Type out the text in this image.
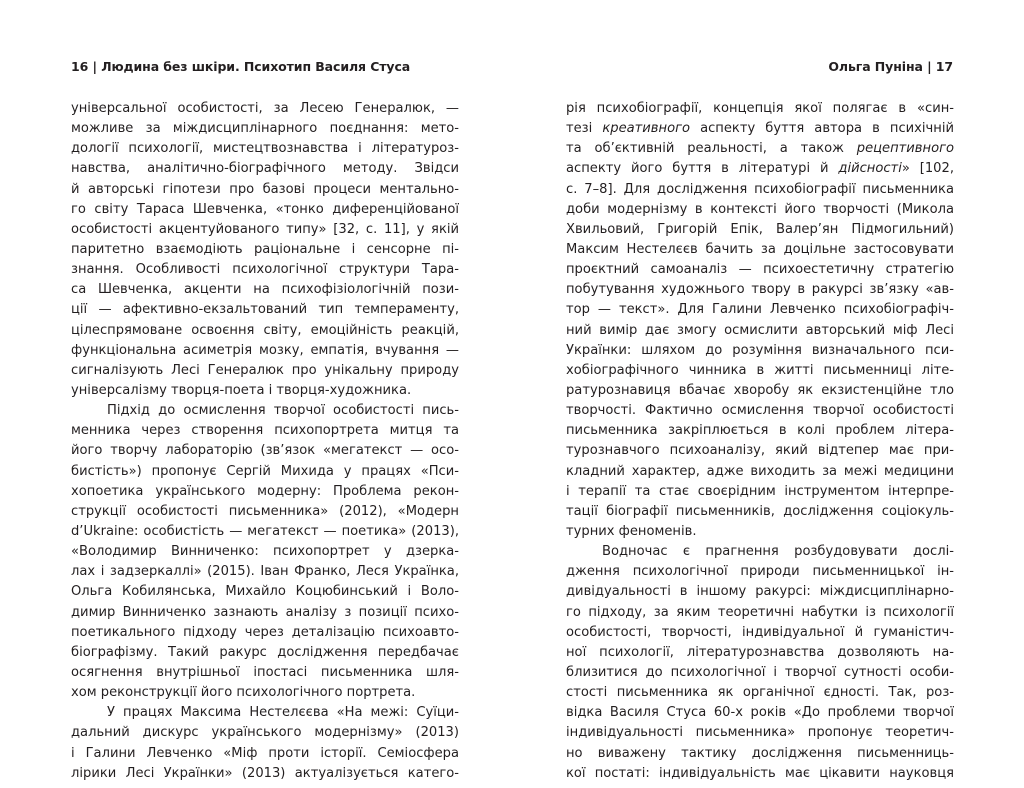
16 | Людина без шкіри. Психотип Василя Стуса	Ольга Пуніна | 17
універсальної особистості, за Лесею Генералюк, —
можливе за міждисциплінарного поєднання: мето-
дології психології, мистецтвознавства і літературоз-
навства, аналітично-біографічного методу. Звідси
й авторські гіпотези про базові процеси ментально-
го світу Тараса Шевченка, «тонко диференційованої
особистості акцентуйованого типу» [32, с. 11], у якій
паритетно взаємодіють раціональне і сенсорне пі-
знання. Особливості психологічної структури Тара-
са Шевченка, акценти на психофізіологічній пози-
ції — афективно-екзальтований тип темпераменту,
цілеспрямоване освоєння світу, емоційність реакцій,
функціональна асиметрія мозку, емпатія, вчування —
сигналізують Лесі Генералюк про унікальну природу
універсалізму творця-поета і творця-художника.
Підхід до осмислення творчої особистості пись-
менника через створення психопортрета митця та
його творчу лабораторію (зв’язок «мегатекст — осо-
бистість») пропонує Сергій Михида у працях «Пси-
хопоетика українського модерну: Проблема рекон-
струкції особистості письменника» (2012), «Модерн
d’Ukraine: особистість — мегатекст — поетика» (2013),
«Володимир Винниченко: психопортрет у дзерка-
лах і задзеркаллі» (2015). Іван Франко, Леся Українка,
Ольга Кобилянська, Михайло Коцюбинський і Воло-
димир Винниченко зазнають аналізу з позиції психо-
поетикального підходу через деталізацію психоавто-
біографізму. Такий ракурс дослідження передбачає
осягнення внутрішньої іпостасі письменника шля-
хом реконструкції його психологічного портрета.
У працях Максима Нестелєєва «На межі: Суїци-
дальний дискурс українського модернізму» (2013)
і Галини Левченко «Міф проти історії. Семіосфера
лірики Лесі Українки» (2013) актуалізується катего-
рія психобіографії, концепція якої полягає в «син-
тезі креативного аспекту буття автора в психічній
та об’єктивній реальності, а також рецептивного
аспекту його буття в літературі й дійсності» [102,
с. 7–8]. Для дослідження психобіографії письменника
доби модернізму в контексті його творчості (Микола
Хвильовий, Григорій Епік, Валер’ян Підмогильний)
Максим Нестелєєв бачить за доцільне застосовувати
проєктний самоаналіз — психоестетичну стратегію
побутування художнього твору в ракурсі зв’язку «ав-
тор — текст». Для Галини Левченко психобіографіч-
ний вимір дає змогу осмислити авторський міф Лесі
Українки: шляхом до розуміння визначального пси-
хобіографічного чинника в житті письменниці літе-
ратурознавиця вбачає хворобу як екзистенційне тло
творчості. Фактично осмислення творчої особистості
письменника закріплюється в колі проблем літера-
турознавчого психоаналізу, який відтепер має при-
кладний характер, адже виходить за межі медицини
і терапії та стає своєрідним інструментом інтерпре-
тації біографії письменників, дослідження соціокуль-
турних феноменів.
Водночас є прагнення розбудовувати дослі-
дження психологічної природи письменницької ін-
дивідуальності в іншому ракурсі: міждисциплінарно-
го підходу, за яким теоретичні набутки із психології
особистості, творчості, індивідуальної й гуманістич-
ної психології, літературознавства дозволяють на-
близитися до психологічної і творчої сутності особи-
стості письменника як органічної єдності. Так, роз-
відка Василя Стуса 60-х років «До проблеми творчої
індивідуальності письменника» пропонує теоретич-
но виважену тактику дослідження письменниць-
кої постаті: індивідуальність має цікавити науковця
